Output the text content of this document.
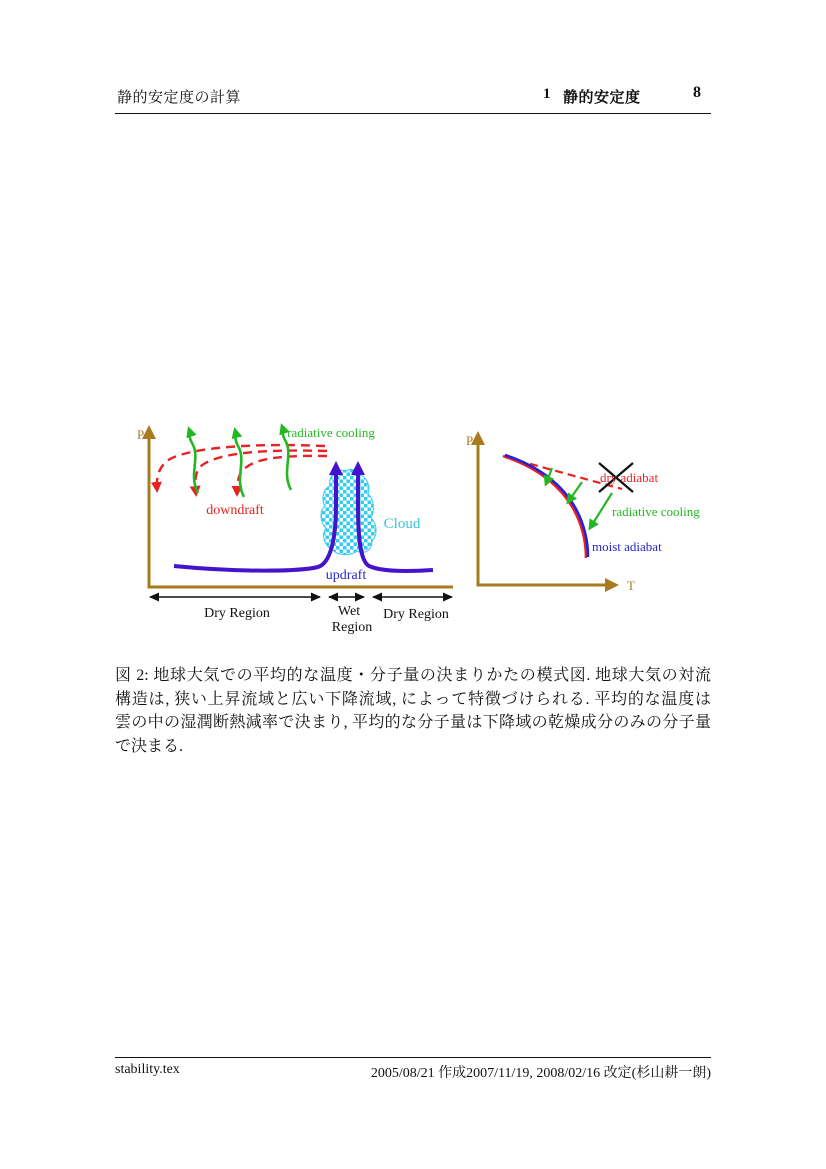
静的安定度の計算	1 静的安定度	8
P	radiative cooling
downdraft
Cloud
updraft
Dry Region	Wet
Region
Dry Region
P
T
dry adiabat
radiative cooling
moist adiabat
図 2: 地球大気での平均的な温度・分子量の決まりかたの模式図. 地球大気の対流
構造は, 狭い上昇流域と広い下降流域, によって特徴づけられる. 平均的な温度は
雲の中の湿潤断熱減率で決まり, 平均的な分子量は下降域の乾燥成分のみの分子量
で決まる.
stability.tex	2005/08/21 作成2007/11/19, 2008/02/16 改定(杉山耕一朗)
